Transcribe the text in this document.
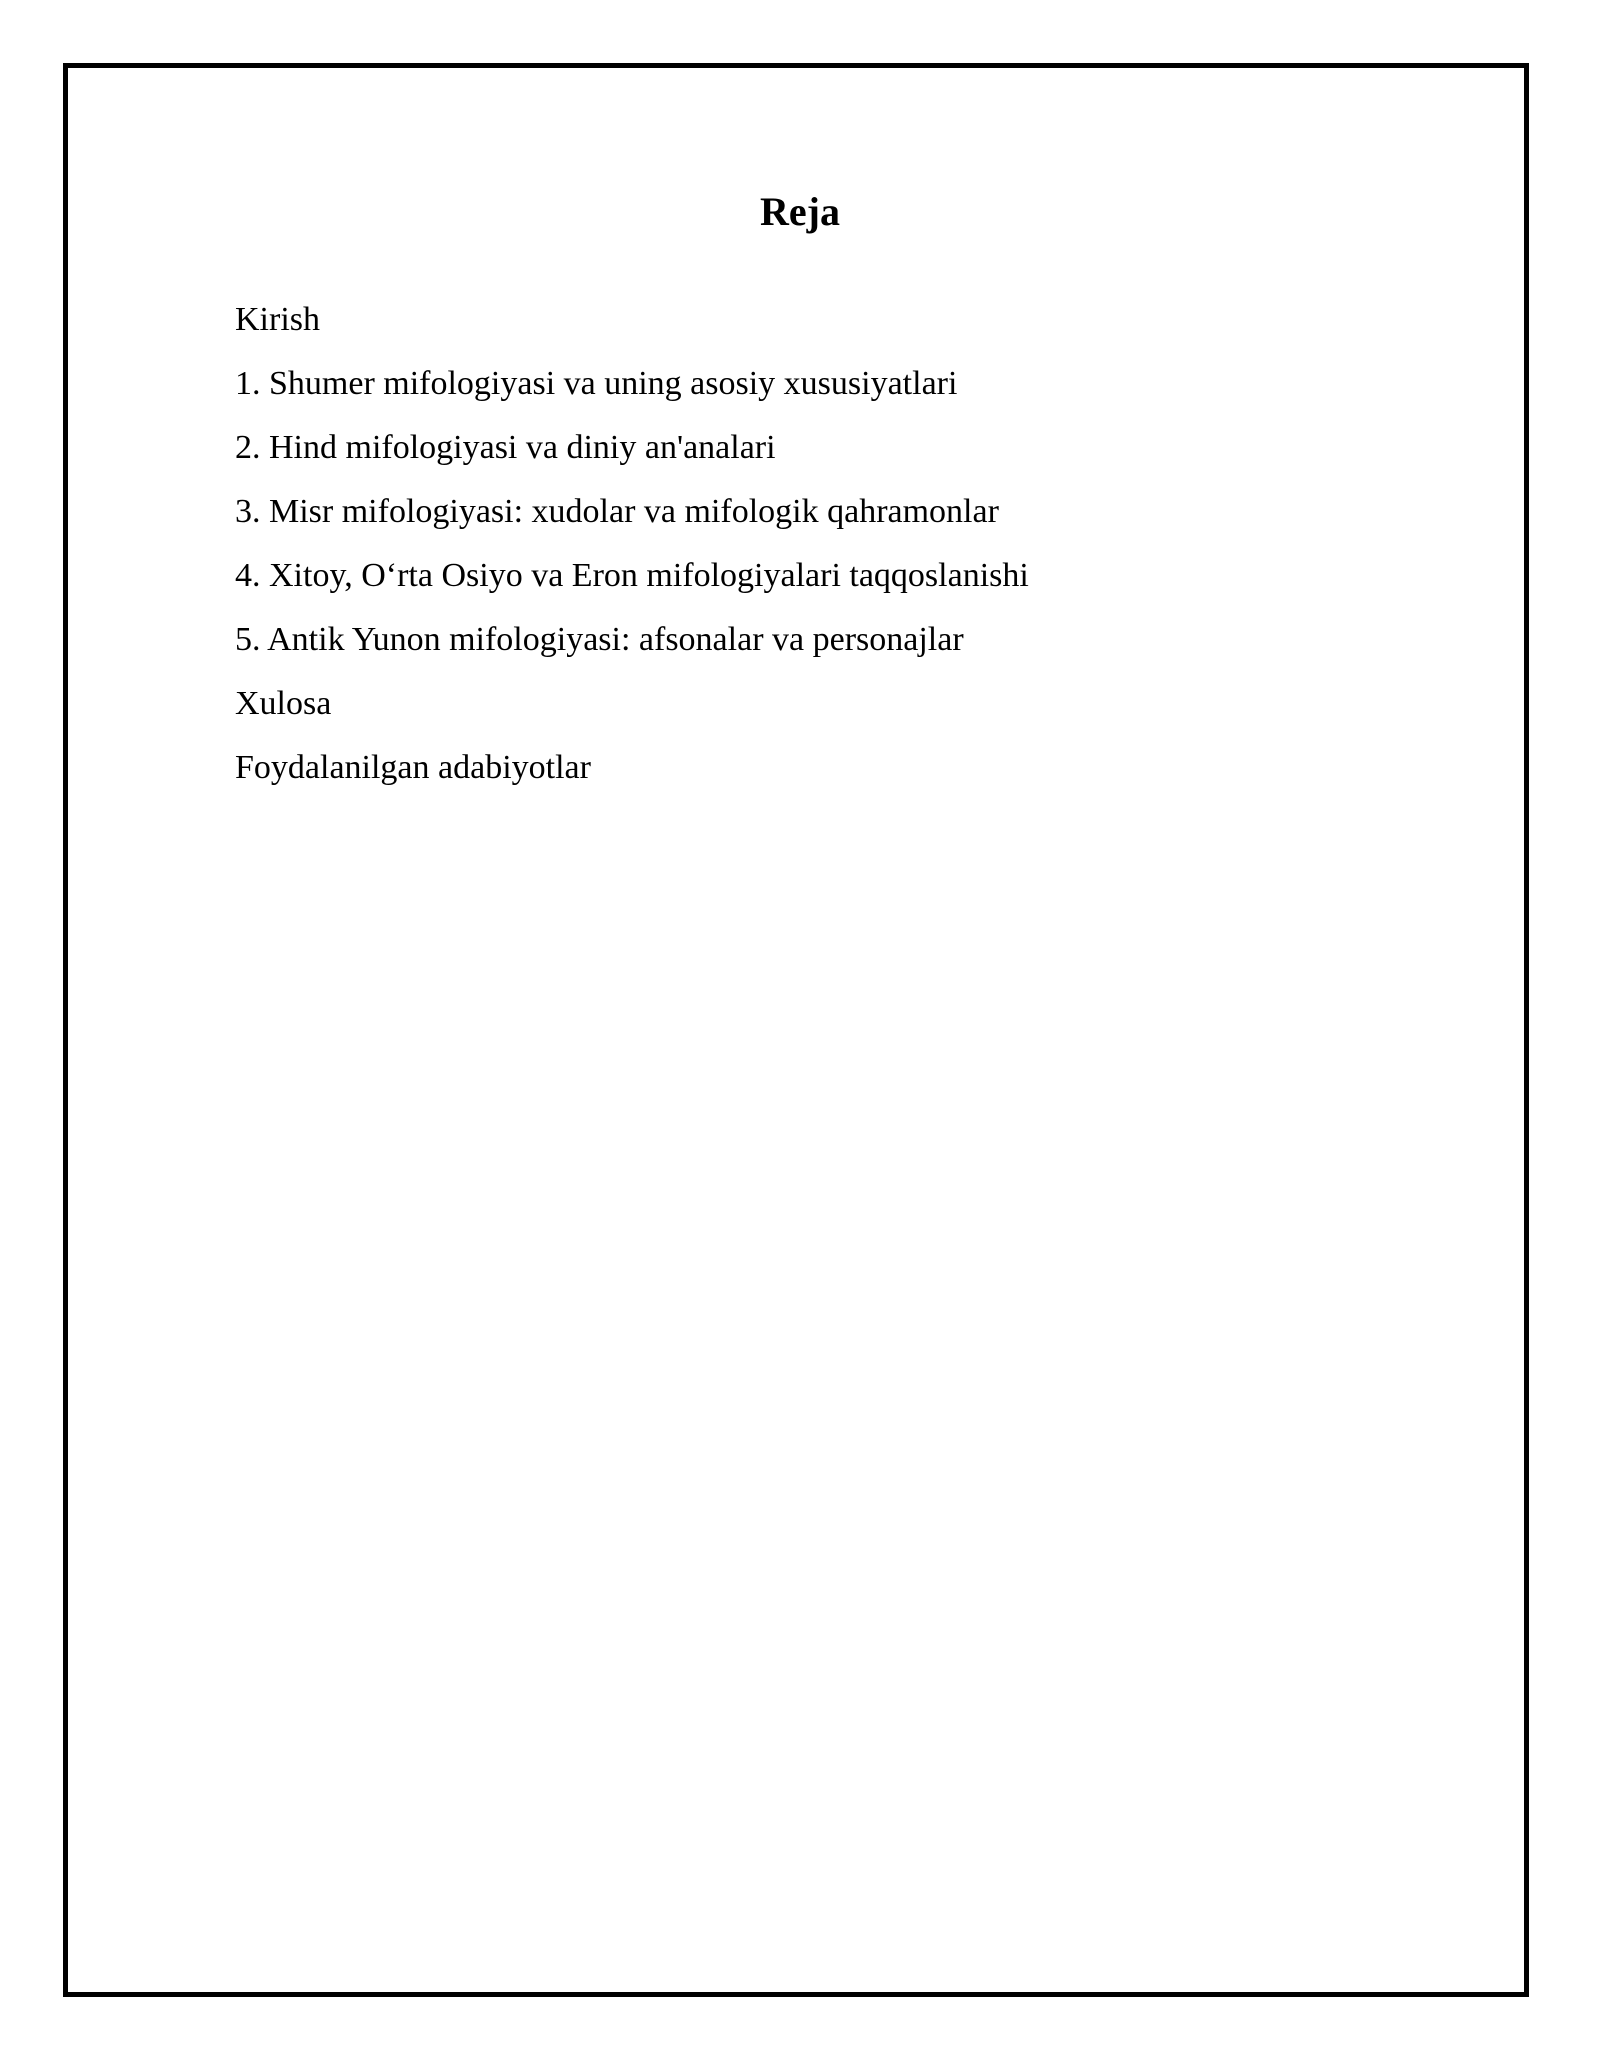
Reja
Kirish
1. Shumer mifologiyasi va uning asosiy xususiyatlari
2. Hind mifologiyasi va diniy an'analari
3. Misr mifologiyasi: xudolar va mifologik qahramonlar
4. Xitoy, O‘rta Osiyo va Eron mifologiyalari taqqoslanishi
5. Antik Yunon mifologiyasi: afsonalar va personajlar
Xulosa
Foydalanilgan adabiyotlar
